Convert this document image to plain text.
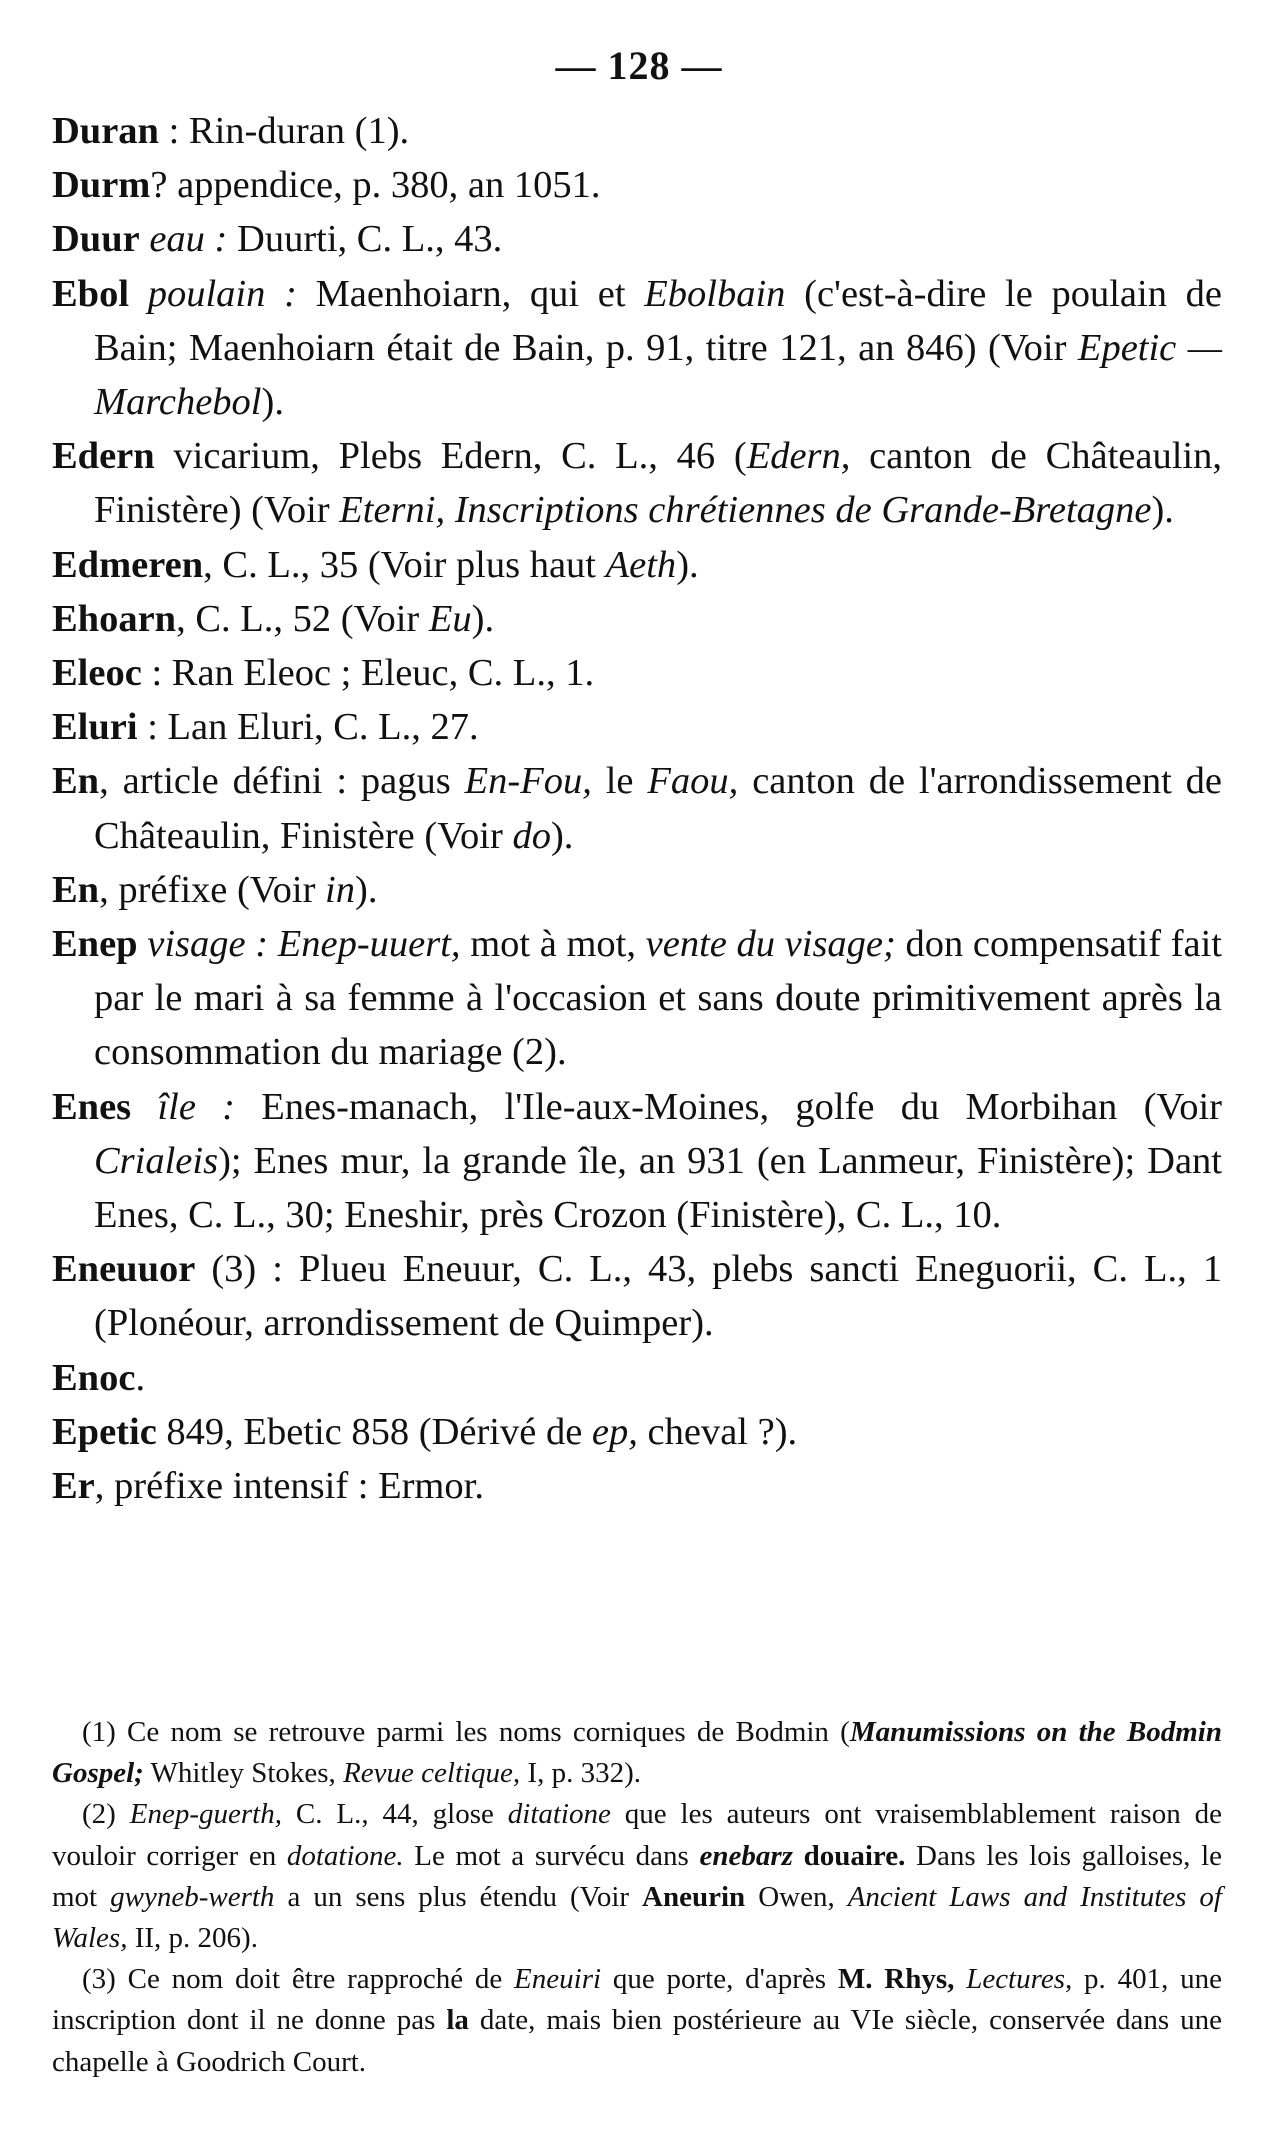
— 128 —

Duran : Rin-duran (1).

Durm? appendice, p. 380, an 1051.

Duur eau : Duurti, C. L., 43.

Ebol poulain : Maenhoiarn, qui et Ebolbain (c'est-à-dire le poulain de Bain; Maenhoiarn était de Bain, p. 91, titre 121, an 846) (Voir Epetic — Marchebol).

Edern vicarium, Plebs Edern, C. L., 46 (Edern, canton de Châteaulin, Finistère) (Voir Eterni, Inscriptions chrétiennes de Grande-Bretagne).

Edmeren, C. L., 35 (Voir plus haut Aeth).

Ehoarn, C. L., 52 (Voir Eu).

Eleoc : Ran Eleoc ; Eleuc, C. L., 1.

Eluri : Lan Eluri, C. L., 27.

En, article défini : pagus En-Fou, le Faou, canton de l'arrondissement de Châteaulin, Finistère (Voir do).

En, préfixe (Voir in).

Enep visage : Enep-uuert, mot à mot, vente du visage; don compensatif fait par le mari à sa femme à l'occasion et sans doute primitivement après la consommation du mariage (2).

Enes île : Enes-manach, l'Ile-aux-Moines, golfe du Morbihan (Voir Crialeis); Enes mur, la grande île, an 931 (en Lanmeur, Finistère); Dant Enes, C. L., 30; Eneshir, près Crozon (Finistère), C. L., 10.

Eneuuor (3) : Plueu Eneuur, C. L., 43, plebs sancti Eneguorii, C. L., 1 (Plonéour, arrondissement de Quimper).

Enoc.

Epetic 849, Ebetic 858 (Dérivé de ep, cheval ?).

Er, préfixe intensif : Ermor.

(1) Ce nom se retrouve parmi les noms corniques de Bodmin (Manumissions on the Bodmin Gospel; Whitley Stokes, Revue celtique, I, p. 332).

(2) Enep-guerth, C. L., 44, glose ditatione que les auteurs ont vraisemblablement raison de vouloir corriger en dotatione. Le mot a survécu dans enebarz douaire. Dans les lois galloises, le mot gwyneb-werth a un sens plus étendu (Voir Aneurin Owen, Ancient Laws and Institutes of Wales, II, p. 206).

(3) Ce nom doit être rapproché de Eneuiri que porte, d'après M. Rhys, Lectures, p. 401, une inscription dont il ne donne pas la date, mais bien postérieure au VIe siècle, conservée dans une chapelle à Goodrich Court.
